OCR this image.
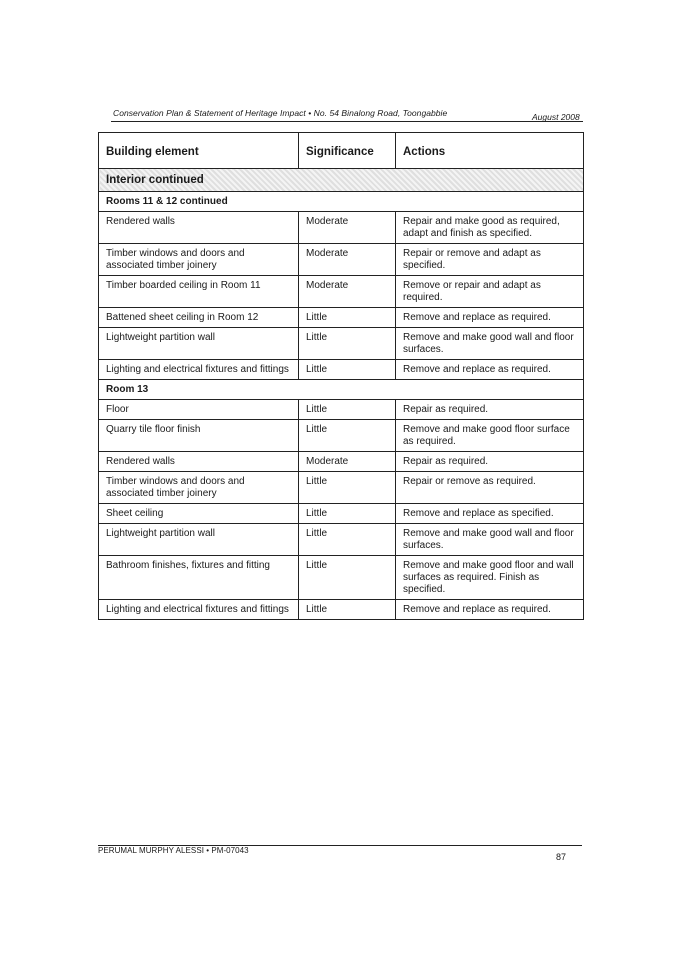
Conservation Plan & Statement of Heritage Impact • No. 54 Binalong Road, Toongabbie	August 2008
Building element	Significance	Actions
Interior continued		
Rooms 11 & 12 continued		
Rendered walls	Moderate	Repair and make good as required, adapt and finish as specified.
Timber windows and doors and associated timber joinery	Moderate	Repair or remove and adapt as specified.
Timber boarded ceiling in Room 11	Moderate	Remove or repair and adapt as required.
Battened sheet ceiling in Room 12	Little	Remove and replace as required.
Lightweight partition wall	Little	Remove and make good wall and floor surfaces.
Lighting and electrical fixtures and fittings	Little	Remove and replace as required.
Room 13		
Floor	Little	Repair as required.
Quarry tile floor finish	Little	Remove and make good floor surface as required.
Rendered walls	Moderate	Repair as required.
Timber windows and doors and associated timber joinery	Little	Repair or remove as required.
Sheet ceiling	Little	Remove and replace as specified.
Lightweight partition wall	Little	Remove and make good wall and floor surfaces.
Bathroom finishes, fixtures and fitting	Little	Remove and make good floor and wall surfaces as required. Finish as specified.
Lighting and electrical fixtures and fittings	Little	Remove and replace as required.
PERUMAL MURPHY ALESSI • PM-07043
87
